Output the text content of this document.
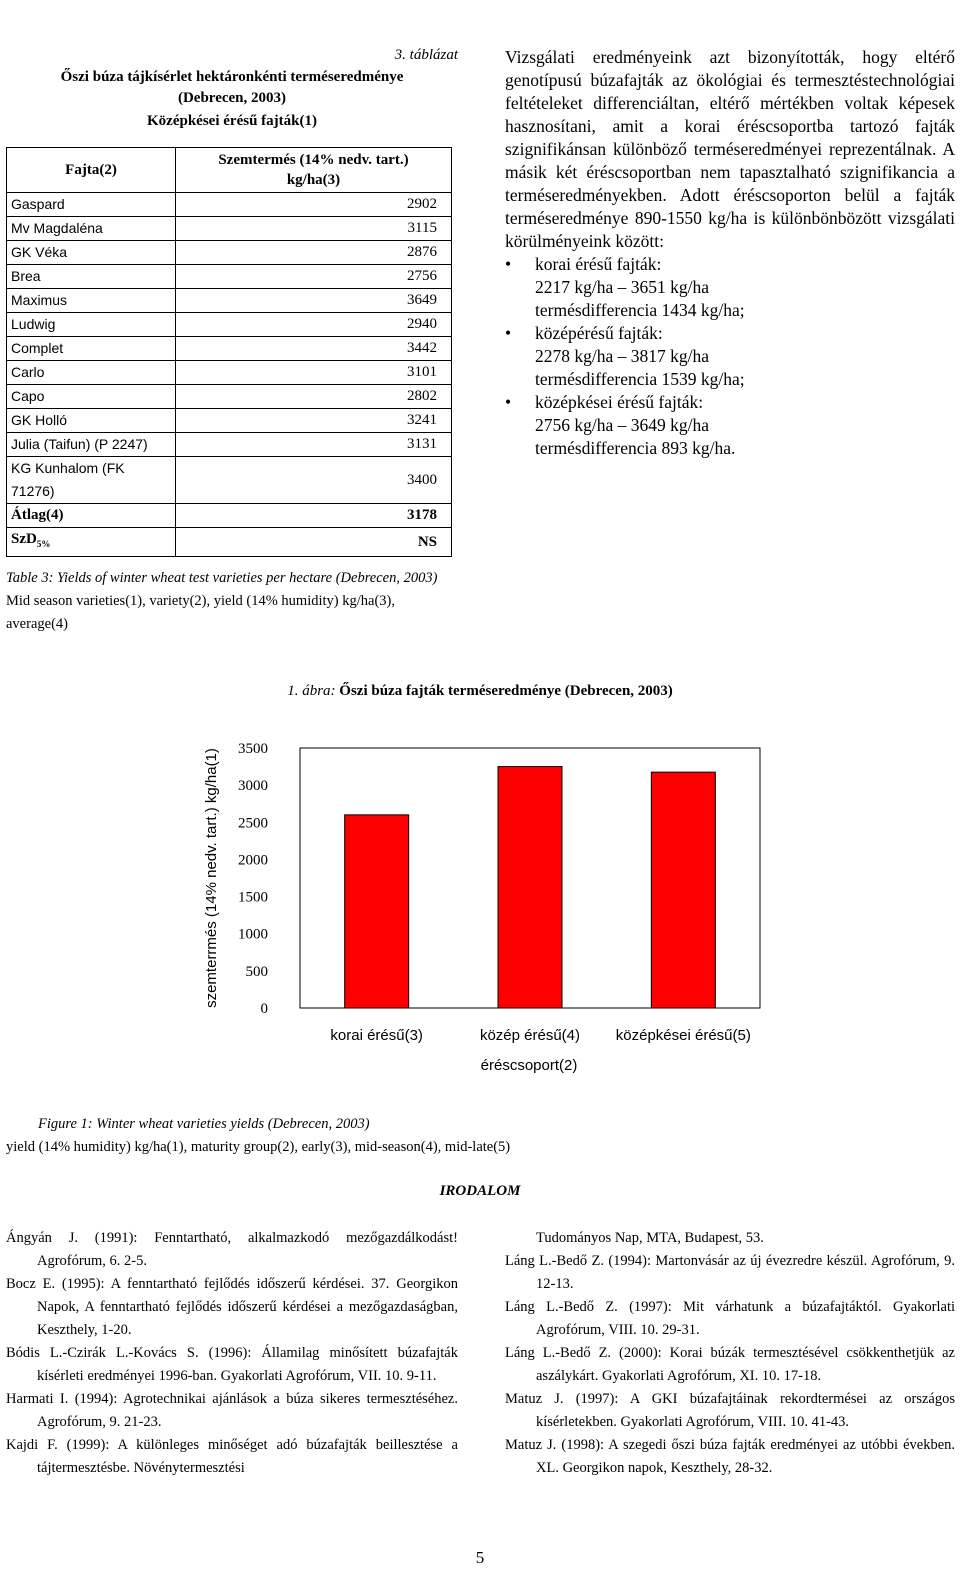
3. táblázat
Őszi búza tájkísérlet hektáronkénti terméseredménye
(Debrecen, 2003)
Középkései érésű fajták(1)
Fajta(2)	Szemtermés (14% nedv. tart.)
kg/ha(3)

Gaspard	2902
Mv Magdaléna	3115
GK Véka	2876
Brea	2756
Maximus	3649
Ludwig	2940
Complet	3442
Carlo	3101
Capo	2802
GK Holló	3241
Julia (Taifun) (P 2247)	3131
KG Kunhalom (FK 71276)	3400
Átlag(4)	3178
SzD$_{5\%}$	NS

Vizsgálati eredményeink azt bizonyították, hogy eltérő genotípusú búzafajták az ökológiai és termesztéstechnológiai feltételeket differenciáltan, eltérő mértékben voltak képesek hasznosítani, amit a korai éréscsoportba tartozó fajták szignifikánsan különböző terméseredményei reprezentálnak. A másik két éréscsoportban nem tapasztalható szignifikancia a terméseredményekben. Adott éréscsoporton belül a fajták terméseredménye 890-1550 kg/ha is különbönbözött vizsgálati körülményeink között:

• korai érésű fajták:
2217 kg/ha – 3651 kg/ha
termésdifferencia 1434 kg/ha;
• középérésű fajták:
2278 kg/ha – 3817 kg/ha
termésdifferencia 1539 kg/ha;
• középkései érésű fajták:
2756 kg/ha – 3649 kg/ha
termésdifferencia 893 kg/ha.
Table 3: Yields of winter wheat test varieties per hectare (Debrecen, 2003)
Mid season varieties(1), variety(2), yield (14% humidity) kg/ha(3), average(4)
1. ábra: Őszi búza fajták terméseredménye (Debrecen, 2003)
0
500
1000
1500
2000
2500
3000
3500
korai érésű(3)	közép érésű(4) középkései érésű(5)
éréscsoport(2)
szemterrmés (14% nedv. tart.) kg/ha(1)
Figure 1: Winter wheat varieties yields (Debrecen, 2003)
yield (14% humidity) kg/ha(1), maturity group(2), early(3), mid-season(4), mid-late(5)
IRODALOM
Ángyán J. (1991): Fenntartható, alkalmazkodó mezőgazdálkodást! Agrofórum, 6. 2-5.
Bocz E. (1995): A fenntartható fejlődés időszerű kérdései. 37. Georgikon Napok, A fenntartható fejlődés időszerű kérdései a mezőgazdaságban, Keszthely, 1-20.
Bódis L.-Czirák L.-Kovács S. (1996): Államilag minősített búzafajták kísérleti eredményei 1996-ban. Gyakorlati Agrofórum, VII. 10. 9-11.
Harmati I. (1994): Agrotechnikai ajánlások a búza sikeres termesztéséhez. Agrofórum, 9. 21-23.
Kajdi F. (1999): A különleges minőséget adó búzafajták beillesztése a tájtermesztésbe. Növénytermesztési
Tudományos Nap, MTA, Budapest, 53.
Láng L.-Bedő Z. (1994): Martonvásár az új évezredre készül. Agrofórum, 9. 12-13.
Láng L.-Bedő Z. (1997): Mit várhatunk a búzafajtáktól. Gyakorlati Agrofórum, VIII. 10. 29-31.
Láng L.-Bedő Z. (2000): Korai búzák termesztésével csökkenthetjük az aszálykárt. Gyakorlati Agrofórum, XI. 10. 17-18.
Matuz J. (1997): A GKI búzafajtáinak rekordtermései az országos kísérletekben. Gyakorlati Agrofórum, VIII. 10. 41-43.
Matuz J. (1998): A szegedi őszi búza fajták eredményei az utóbbi években. XL. Georgikon napok, Keszthely, 28-32.
5
